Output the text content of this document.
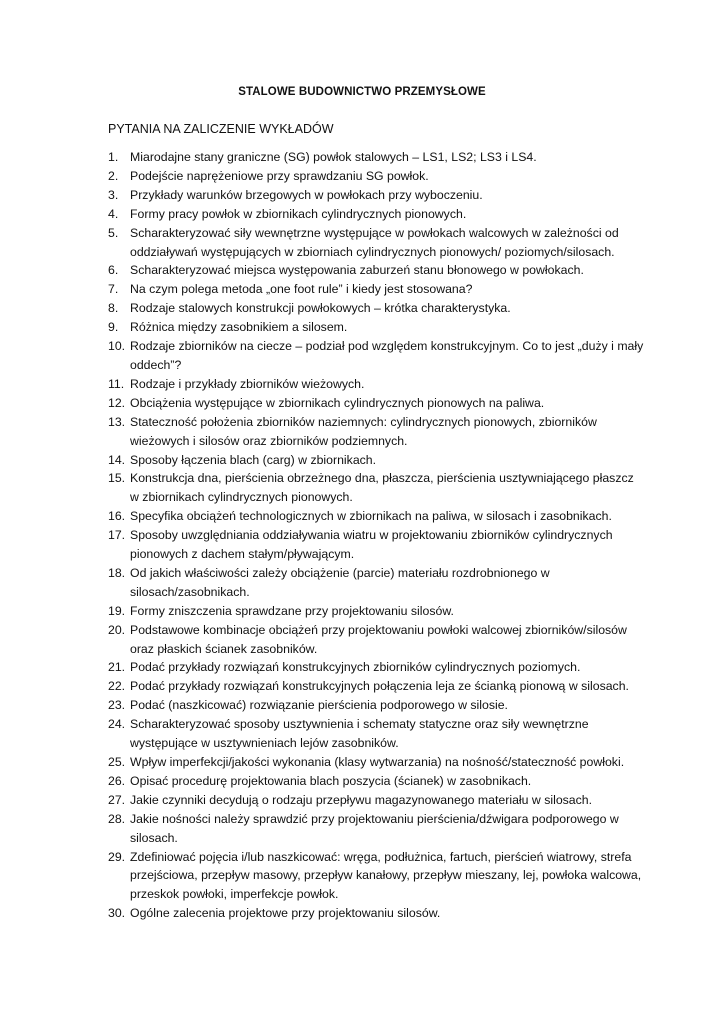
STALOWE BUDOWNICTWO PRZEMYSŁOWE
PYTANIA NA ZALICZENIE WYKŁADÓW
1. Miarodajne stany graniczne (SG) powłok stalowych – LS1, LS2; LS3 i LS4.
2. Podejście naprężeniowe przy sprawdzaniu SG powłok.
3. Przykłady warunków brzegowych w powłokach przy wyboczeniu.
4. Formy pracy powłok w zbiornikach cylindrycznych pionowych.
5. Scharakteryzować siły wewnętrzne występujące w powłokach walcowych w zależności od oddziaływań występujących w zbiorniach cylindrycznych pionowych/ poziomych/silosach.
6. Scharakteryzować miejsca występowania zaburzeń stanu błonowego w powłokach.
7. Na czym polega metoda „one foot rule” i kiedy jest stosowana?
8. Rodzaje stalowych konstrukcji powłokowych – krótka charakterystyka.
9. Różnica między zasobnikiem a silosem.
10. Rodzaje zbiorników na ciecze – podział pod względem konstrukcyjnym. Co to jest „duży i mały oddech”?
11. Rodzaje i przykłady zbiorników wieżowych.
12. Obciążenia występujące w zbiornikach cylindrycznych pionowych na paliwa.
13. Stateczność położenia zbiorników naziemnych: cylindrycznych pionowych, zbiorników wieżowych i silosów oraz zbiorników podziemnych.
14. Sposoby łączenia blach (carg) w zbiornikach.
15. Konstrukcja dna, pierścienia obrzeżnego dna, płaszcza, pierścienia usztywniającego płaszcz w zbiornikach cylindrycznych pionowych.
16. Specyfika obciążeń technologicznych w zbiornikach na paliwa, w silosach i zasobnikach.
17. Sposoby uwzględniania oddziaływania wiatru w projektowaniu zbiorników cylindrycznych pionowych z dachem stałym/pływającym.
18. Od jakich właściwości zależy obciążenie (parcie) materiału rozdrobnionego w silosach/zasobnikach.
19. Formy zniszczenia sprawdzane przy projektowaniu silosów.
20. Podstawowe kombinacje obciążeń przy projektowaniu powłoki walcowej zbiorników/silosów oraz płaskich ścianek zasobników.
21. Podać przykłady rozwiązań konstrukcyjnych zbiorników cylindrycznych poziomych.
22. Podać przykłady rozwiązań konstrukcyjnych połączenia leja ze ścianką pionową w silosach.
23. Podać (naszkicować) rozwiązanie pierścienia podporowego w silosie.
24. Scharakteryzować sposoby usztywnienia i schematy statyczne oraz siły wewnętrzne występujące w usztywnieniach lejów zasobników.
25. Wpływ imperfekcji/jakości wykonania (klasy wytwarzania) na nośność/stateczność powłoki.
26. Opisać procedurę projektowania blach poszycia (ścianek) w zasobnikach.
27. Jakie czynniki decydują o rodzaju przepływu magazynowanego materiału w silosach.
28. Jakie nośności należy sprawdzić przy projektowaniu pierścienia/dźwigara podporowego w silosach.
29. Zdefiniować pojęcia i/lub naszkicować: wręga, podłużnica, fartuch, pierścień wiatrowy, strefa przejściowa, przepływ masowy, przepływ kanałowy, przepływ mieszany, lej, powłoka walcowa, przeskok powłoki, imperfekcje powłok.
30. Ogólne zalecenia projektowe przy projektowaniu silosów.
